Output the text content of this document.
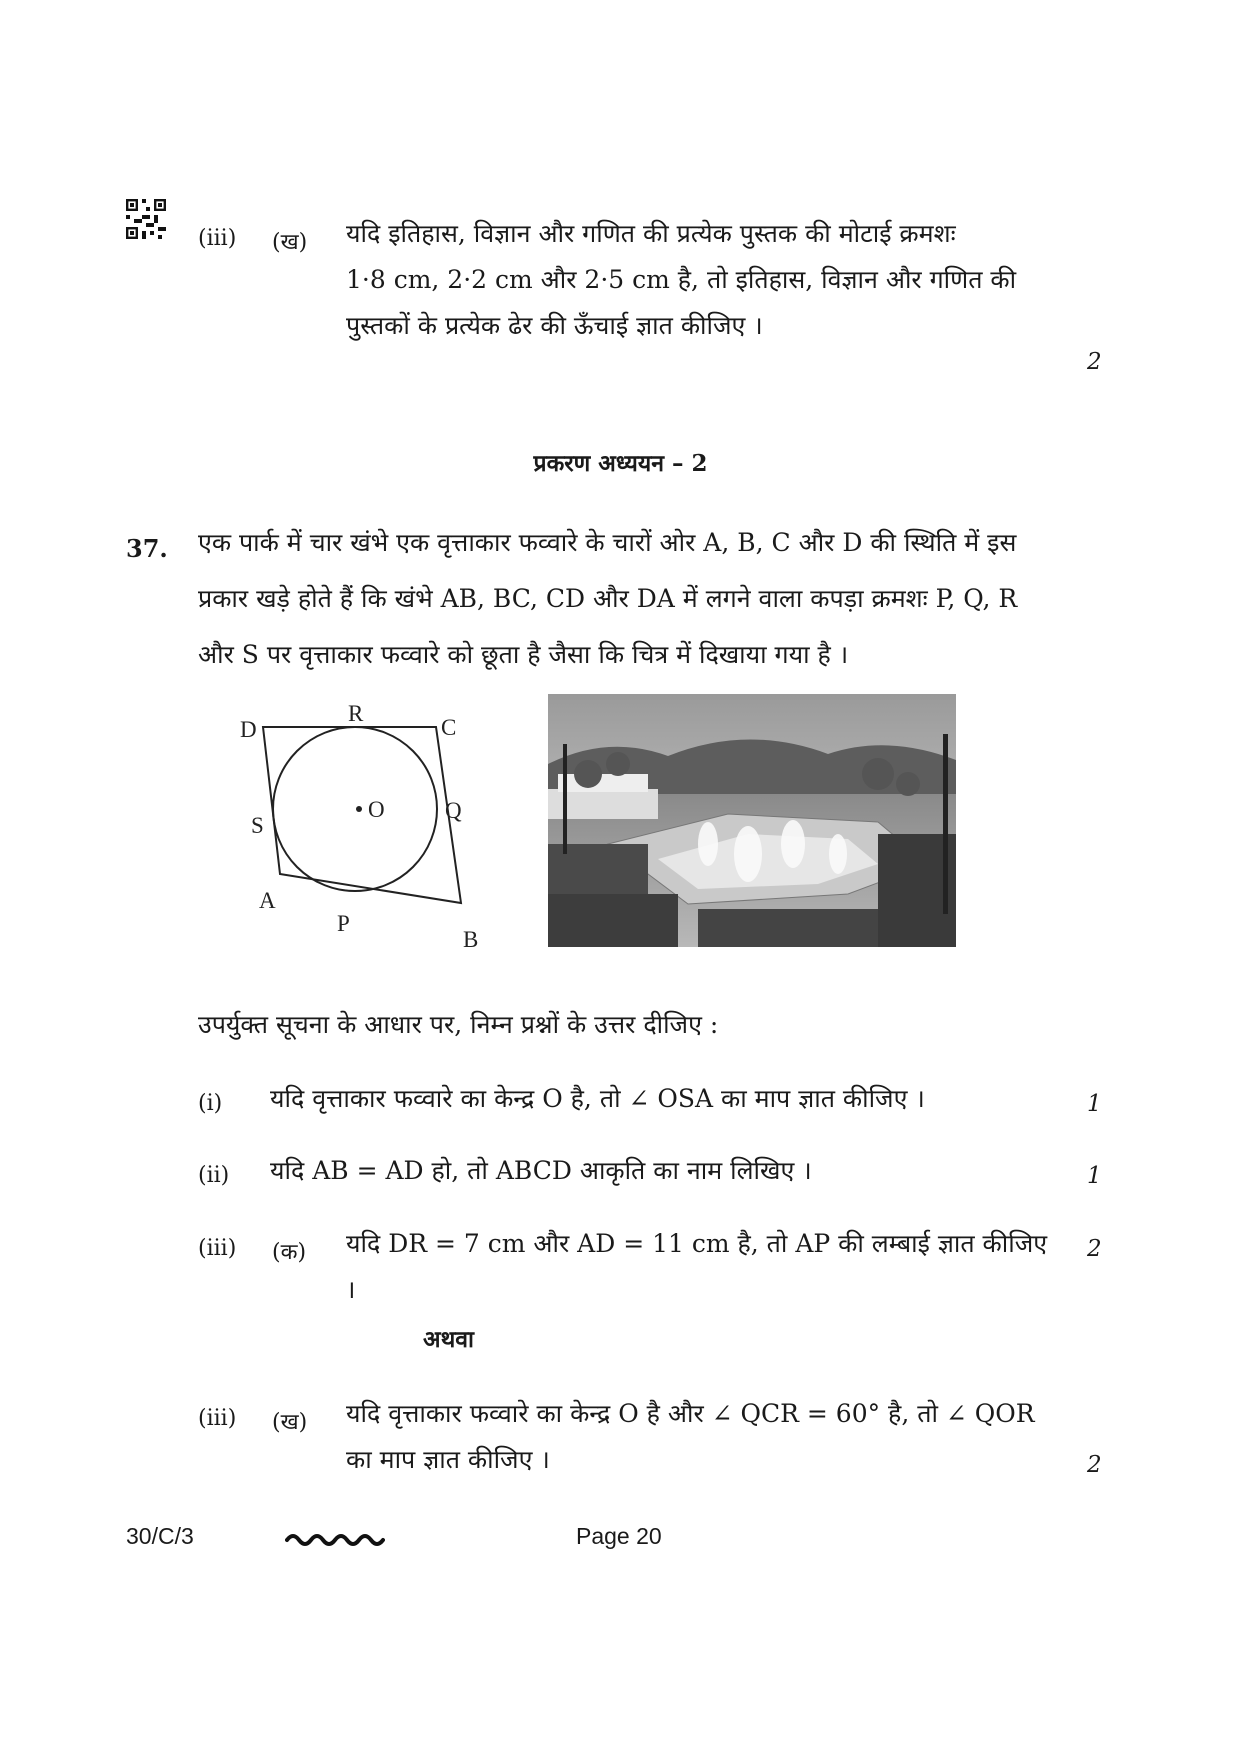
(iii) (ख) यदि इतिहास, विज्ञान और गणित की प्रत्येक पुस्तक की मोटाई क्रमशः
1·8 cm, 2·2 cm और 2·5 cm है, तो इतिहास, विज्ञान और गणित की
पुस्तकों के प्रत्येक ढेर की ऊँचाई ज्ञात कीजिए ।
2
प्रकरण अध्ययन – 2
37. एक पार्क में चार खंभे एक वृत्ताकार फव्वारे के चारों ओर A, B, C और D की स्थिति में इस
प्रकार खड़े होते हैं कि खंभे AB, BC, CD और DA में लगने वाला कपड़ा क्रमशः P, Q, R
और S पर वृत्ताकार फव्वारे को छूता है जैसा कि चित्र में दिखाया गया है ।
D
R
C
S
O	Q
A
P
B
उपर्युक्त सूचना के आधार पर, निम्न प्रश्नों के उत्तर दीजिए :
(i) यदि वृत्ताकार फव्वारे का केन्द्र O है, तो ∠ OSA का माप ज्ञात कीजिए ।	1
(ii) यदि AB = AD हो, तो ABCD आकृति का नाम लिखिए ।	1
(iii) (क) यदि DR = 7 cm और AD = 11 cm है, तो AP की लम्बाई ज्ञात कीजिए ।
2
अथवा
(iii) (ख) यदि वृत्ताकार फव्वारे का केन्द्र O है और ∠ QCR = 60° है, तो ∠ QOR
का माप ज्ञात कीजिए ।	2
30/C/3	Page 20
